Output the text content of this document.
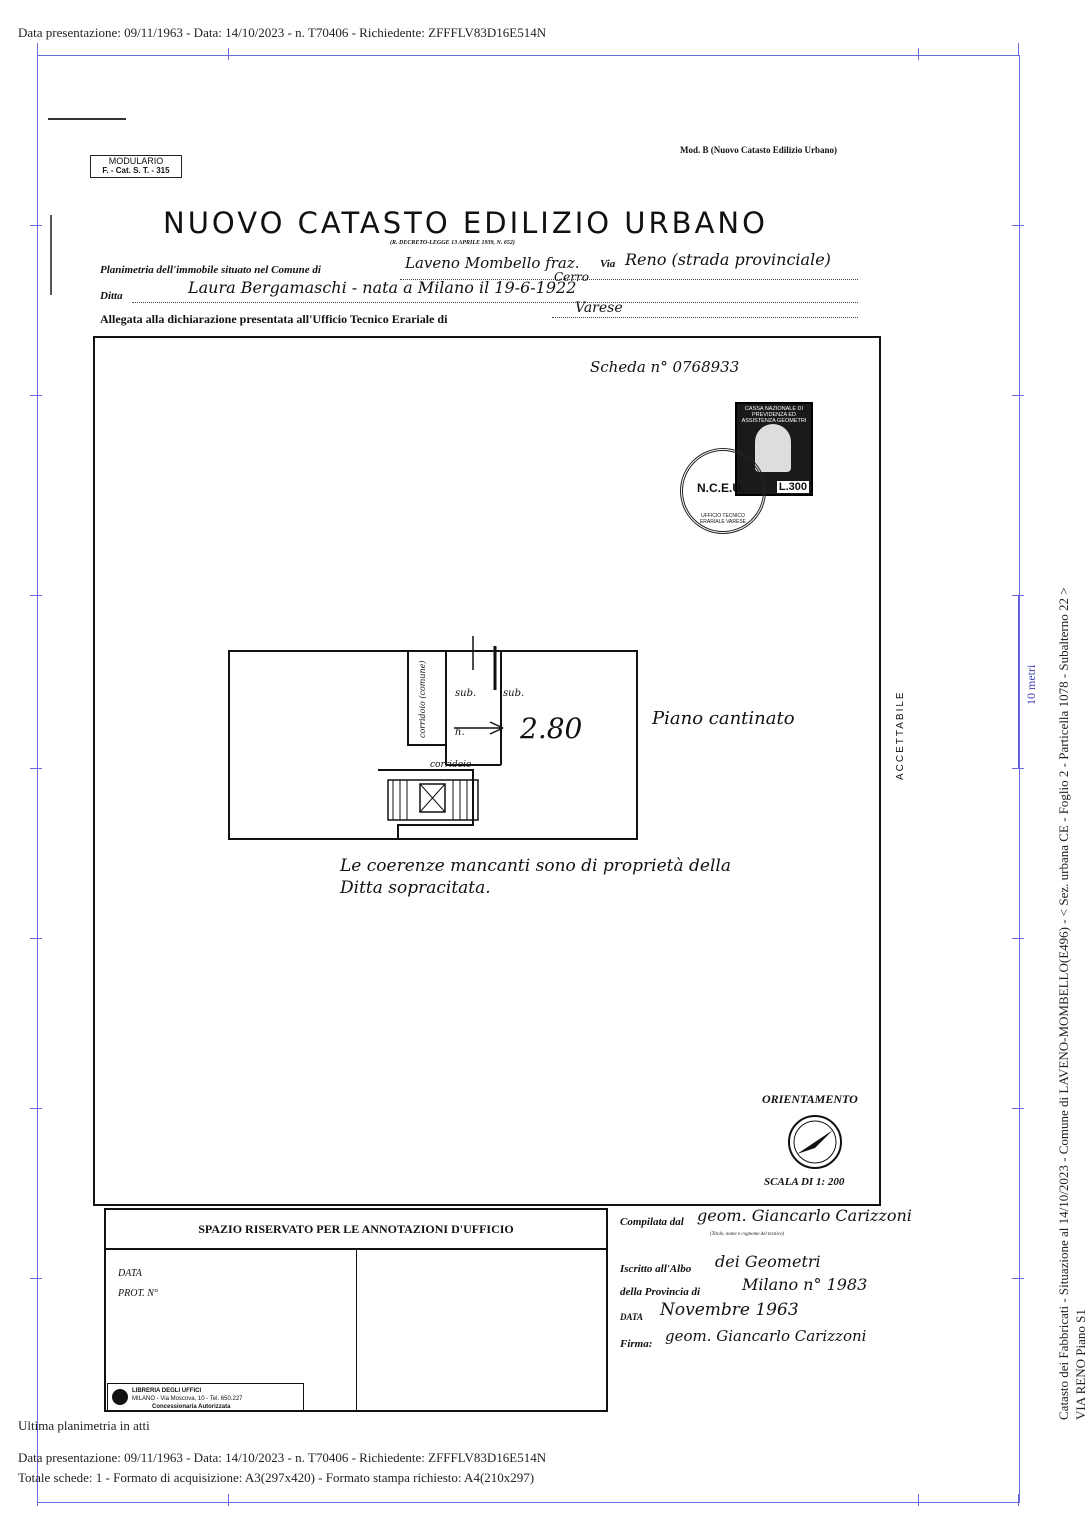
Data presentazione: 09/11/1963 - Data: 14/10/2023 - n. T70406 - Richiedente: ZFFFLV83D16E514N
MODULARIO
F. - Cat. S. T. - 315
Mod. B (Nuovo Catasto Edilizio Urbano)
NUOVO CATASTO EDILIZIO URBANO
(R. DECRETO-LEGGE 13 APRILE 1939, N. 652)
Planimetria dell'immobile situato nel Comune di	Laveno Mombello fraz. Via Reno (strada provinciale)
Ditta	Laura Bergamaschi - nata a Milano il 19-6-1922
Cerro
Allegata alla dichiarazione presentata all'Ufficio Tecnico Erariale di
Varese
Scheda n° 0768933
CASSA NAZIONALE DI PREVIDENZA ED ASSISTENZA GEOMETRI
L.300
N.C.E.U.
UFFICIO TECNICO ERARIALE VARESE
sub.	sub.
corridoio (comune)
corridoio
h. 2.80	Piano cantinato
Le coerenze mancanti sono di proprietà della Ditta sopracitata.
ACCETTABILE
ORIENTAMENTO
SCALA DI 1: 200
SPAZIO RISERVATO PER LE ANNOTAZIONI D'UFFICIO
DATA
PROT. N°
LIBRERIA DEGLI UFFICI
MILANO - Via Moscova, 10 - Tel. 650.227
Concessionaria Autorizzata
Compilata dal geom. Giancarlo Carizzoni
(Titolo, nome e cognome del tecnico)
Iscritto all'Albo dei Geometri
della Provincia di	Milano n° 1983
DATA Novembre 1963
Firma: geom. Giancarlo Carizzoni	Catasto dei Fabbricati - Situazione al 14/10/2023 - Comune di LAVENO-MOMBELLO(E496) - < Sez. urbana CE - Foglio 2 - Particella 1078 - Subalterno 22 > VIA RENO Piano S1
10 metri
Ultima planimetria in atti
Data presentazione: 09/11/1963 - Data: 14/10/2023 - n. T70406 - Richiedente: ZFFFLV83D16E514N
Totale schede: 1 - Formato di acquisizione: A3(297x420) - Formato stampa richiesto: A4(210x297)
